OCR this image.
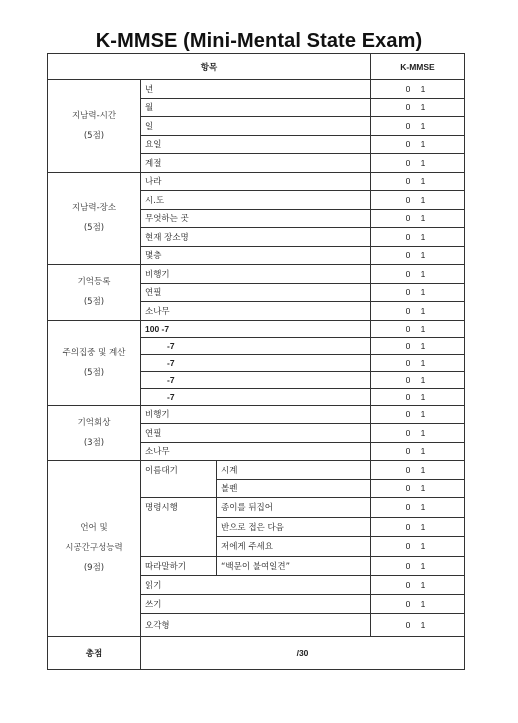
K-MMSE (Mini-Mental State Exam)
항목			K-MMSE

지남력-시간
(5점)	년		0 1
	월		0 1
	일		0 1
	요일		0 1
	계절		0 1

지남력-장소
(5점)	나라		0 1
	시.도		0 1
	무엇하는 곳		0 1
	현재 장소명		0 1
	몇층		0 1

기억등록
(5점)	비행기		0 1
	연필		0 1
	소나무		0 1

주의집중 및 계산
(5점)	100 -7		0 1
	-7		0 1
	-7		0 1
	-7		0 1
	-7		0 1

기억회상
(3점)	비행기		0 1
	연필		0 1
	소나무		0 1

언어 및
시공간구성능력
(9점)	이름대기	시계	0 1
		볼펜	0 1
	명령시행	종이를 뒤집어	0 1
		반으로 접은 다음	0 1
		저에게 주세요	0 1
	따라말하기	“백문이 불여일견”	0 1
	읽기		0 1
	쓰기		0 1
	오각형		0 1
총점	/30		
